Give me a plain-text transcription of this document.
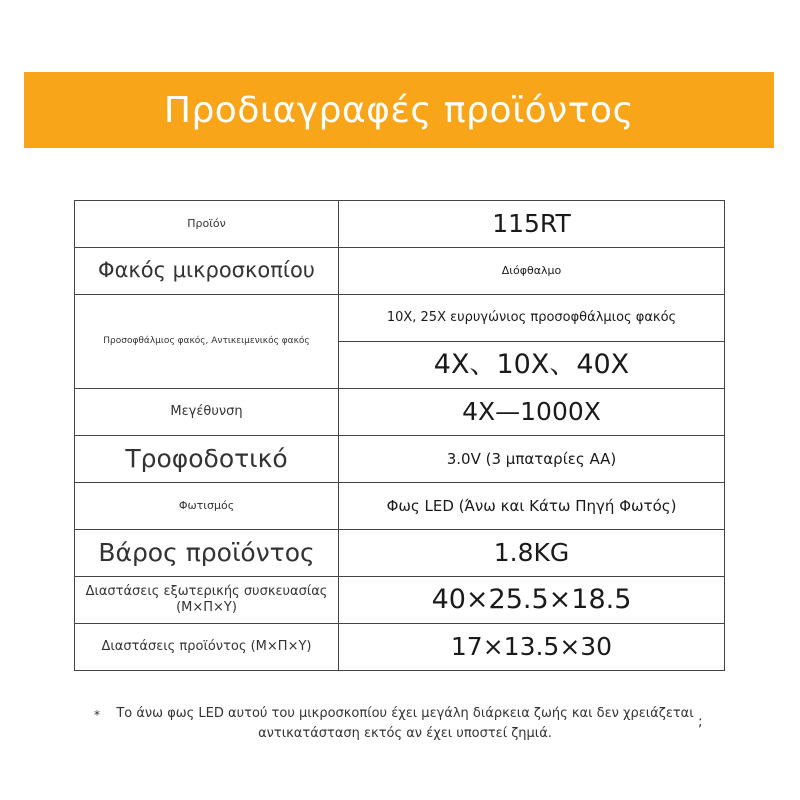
Προδιαγραφές προϊόντος
Προϊόν	115RT
Φακός μικροσκοπίου	Διόφθαλμο
Προσοφθάλμιος φακός, Αντικειμενικός φακός	10X, 25X ευρυγώνιος προσοφθάλμιος φακός
	4X、10X、40X
Μεγέθυνση	4X—1000X
Τροφοδοτικό	3.0V (3 μπαταρίες AA)
Φωτισμός	Φως LED (Άνω και Κάτω Πηγή Φωτός)
Βάρος προϊόντος	1.8KG
Διαστάσεις εξωτερικής συσκευασίας (Μ×Π×Υ)	40×25.5×18.5
Διαστάσεις προϊόντος (Μ×Π×Υ)	17×13.5×30
*	Το άνω φως LED αυτού του μικροσκοπίου έχει μεγάλη διάρκεια ζωής και δεν χρειάζεται αντικατάσταση εκτός αν έχει υποστεί ζημιά.
;
